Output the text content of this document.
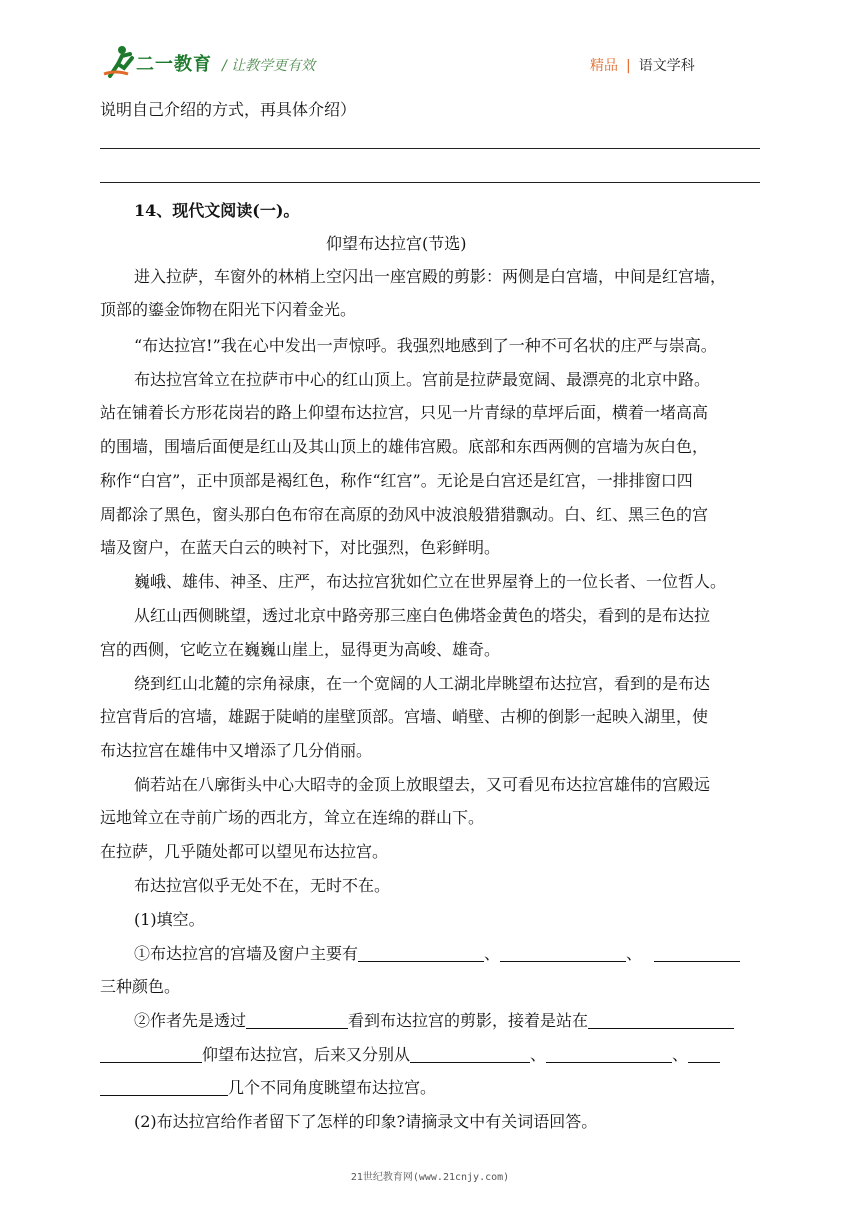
二一教育 / 让教学更有效	精品 | 语文学科
说明自己介绍的方式，再具体介绍）
14、现代文阅读(一)。
仰望布达拉宫(节选)
进入拉萨，车窗外的林梢上空闪出一座宫殿的剪影：两侧是白宫墙，中间是红宫墙，
顶部的鎏金饰物在阳光下闪着金光。
“布达拉宫!”我在心中发出一声惊呼。我强烈地感到了一种不可名状的庄严与崇高。
布达拉宫耸立在拉萨市中心的红山顶上。宫前是拉萨最宽阔、最漂亮的北京中路。
站在铺着长方形花岗岩的路上仰望布达拉宫，只见一片青绿的草坪后面，横着一堵高高
的围墙，围墙后面便是红山及其山顶上的雄伟宫殿。底部和东西两侧的宫墙为灰白色，
称作“白宫”，正中顶部是褐红色，称作“红宫”。无论是白宫还是红宫，一排排窗口四
周都涂了黑色，窗头那白色布帘在高原的劲风中波浪般猎猎飘动。白、红、黑三色的宫
墙及窗户，在蓝天白云的映衬下，对比强烈，色彩鲜明。
巍峨、雄伟、神圣、庄严，布达拉宫犹如伫立在世界屋脊上的一位长者、一位哲人。
从红山西侧眺望，透过北京中路旁那三座白色佛塔金黄色的塔尖，看到的是布达拉
宫的西侧，它屹立在巍巍山崖上，显得更为高峻、雄奇。
绕到红山北麓的宗角禄康，在一个宽阔的人工湖北岸眺望布达拉宫，看到的是布达
拉宫背后的宫墙，雄踞于陡峭的崖壁顶部。宫墙、峭壁、古柳的倒影一起映入湖里，使
布达拉宫在雄伟中又增添了几分俏丽。
倘若站在八廓街头中心大昭寺的金顶上放眼望去，又可看见布达拉宫雄伟的宫殿远
远地耸立在寺前广场的西北方，耸立在连绵的群山下。
在拉萨，几乎随处都可以望见布达拉宫。
布达拉宫似乎无处不在，无时不在。
(1)填空。
①布达拉宫的宫墙及窗户主要有	、	、
三种颜色。
②作者先是透过	看到布达拉宫的剪影，接着是站在
仰望布达拉宫，后来又分别从	、	、
几个不同角度眺望布达拉宫。
(2)布达拉宫给作者留下了怎样的印象?请摘录文中有关词语回答。
21世纪教育网(www.21cnjy.com)
